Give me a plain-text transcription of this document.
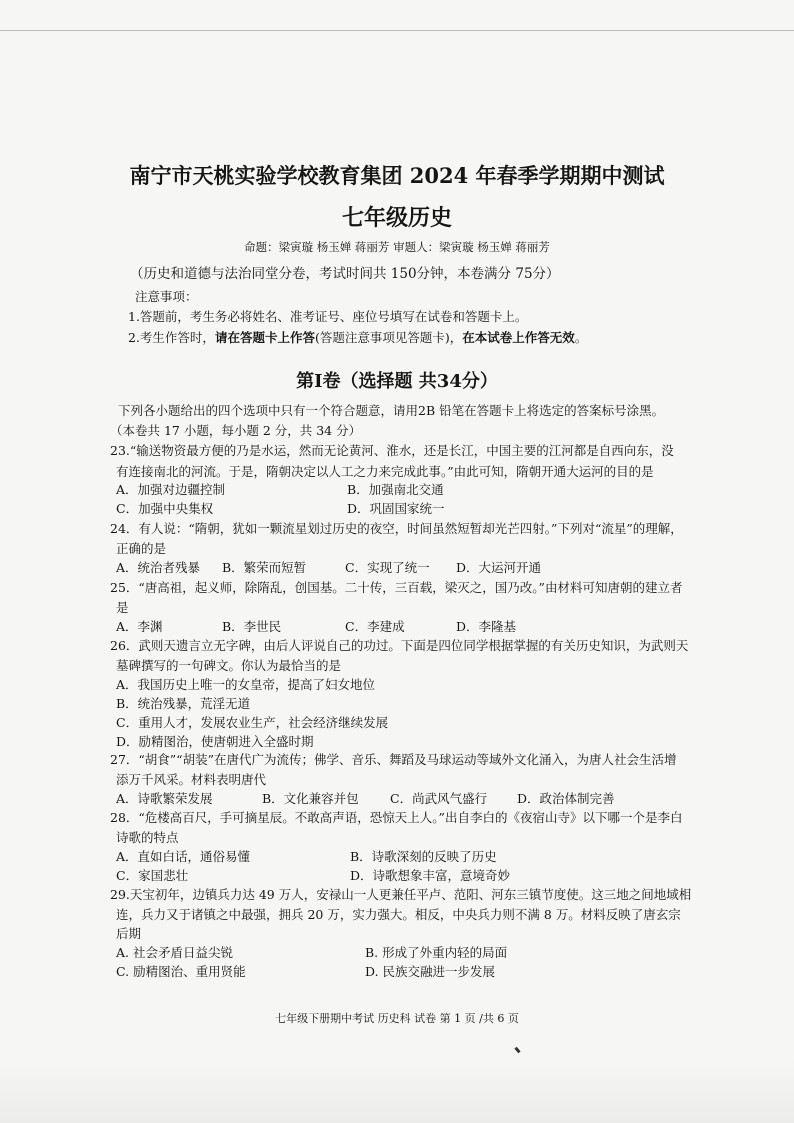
南宁市天桃实验学校教育集团 2024 年春季学期期中测试
七年级历史
命题：梁寅璇 杨玉婵 蒋丽芳 审题人：梁寅璇 杨玉婵 蒋丽芳
（历史和道德与法治同堂分卷，考试时间共 150分钟，本卷满分 75分）
注意事项：
1.答题前，考生务必将姓名、准考证号、座位号填写在试卷和答题卡上。
2.考生作答时，请在答题卡上作答(答题注意事项见答题卡)，在本试卷上作答无效。
第Ⅰ卷（选择题 共34分）
下列各小题给出的四个选项中只有一个符合题意，请用2B 铅笔在答题卡上将选定的答案标号涂黑。
（本卷共 17 小题，每小题 2 分，共 34 分）
23.“输送物资最方便的乃是水运，然而无论黄河、淮水，还是长江，中国主要的江河都是自西向东，没
有连接南北的河流。于是，隋朝决定以人工之力来完成此事。”由此可知，隋朝开通大运河的目的是
A．加强对边疆控制	B．加强南北交通
C．加强中央集权	D．巩固国家统一
24．有人说：“隋朝，犹如一颗流星划过历史的夜空，时间虽然短暂却光芒四射。”下列对“流星”的理解，
正确的是
A．统治者残暴 B．繁荣而短暂	C．实现了统一 D．大运河开通
25．“唐高祖，起义师，除隋乱，创国基。二十传，三百载，梁灭之，国乃改。”由材料可知唐朝的建立者
是
A．李渊	B．李世民	C．李建成	D．李隆基
26．武则天遗言立无字碑，由后人评说自己的功过。下面是四位同学根据掌握的有关历史知识，为武则天
墓碑撰写的一句碑文。你认为最恰当的是
A．我国历史上唯一的女皇帝，提高了妇女地位
B．统治残暴，荒淫无道
C．重用人才，发展农业生产，社会经济继续发展
D．励精图治，使唐朝进入全盛时期
27．“胡食”“胡装”在唐代广为流传；佛学、音乐、舞蹈及马球运动等域外文化涌入，为唐人社会生活增
添万千风采。材料表明唐代
A．诗歌繁荣发展	B．文化兼容并包	C．尚武风气盛行 D．政治体制完善
28．“危楼高百尺，手可摘星辰。不敢高声语，恐惊天上人。”出自李白的《夜宿山寺》以下哪一个是李白
诗歌的特点
A．直如白话，通俗易懂	B．诗歌深刻的反映了历史
C．家国悲壮	D．诗歌想象丰富，意境奇妙
29.天宝初年，边镇兵力达 49 万人，安禄山一人更兼任平卢、范阳、河东三镇节度使。这三地之间地域相
连，兵力又于诸镇之中最强，拥兵 20 万，实力强大。相反，中央兵力则不满 8 万。材料反映了唐玄宗
后期
A. 社会矛盾日益尖锐	B. 形成了外重内轻的局面
C. 励精图治、重用贤能	D. 民族交融进一步发展
七年级下册期中考试 历史科 试卷 第 1 页 /共 6 页
